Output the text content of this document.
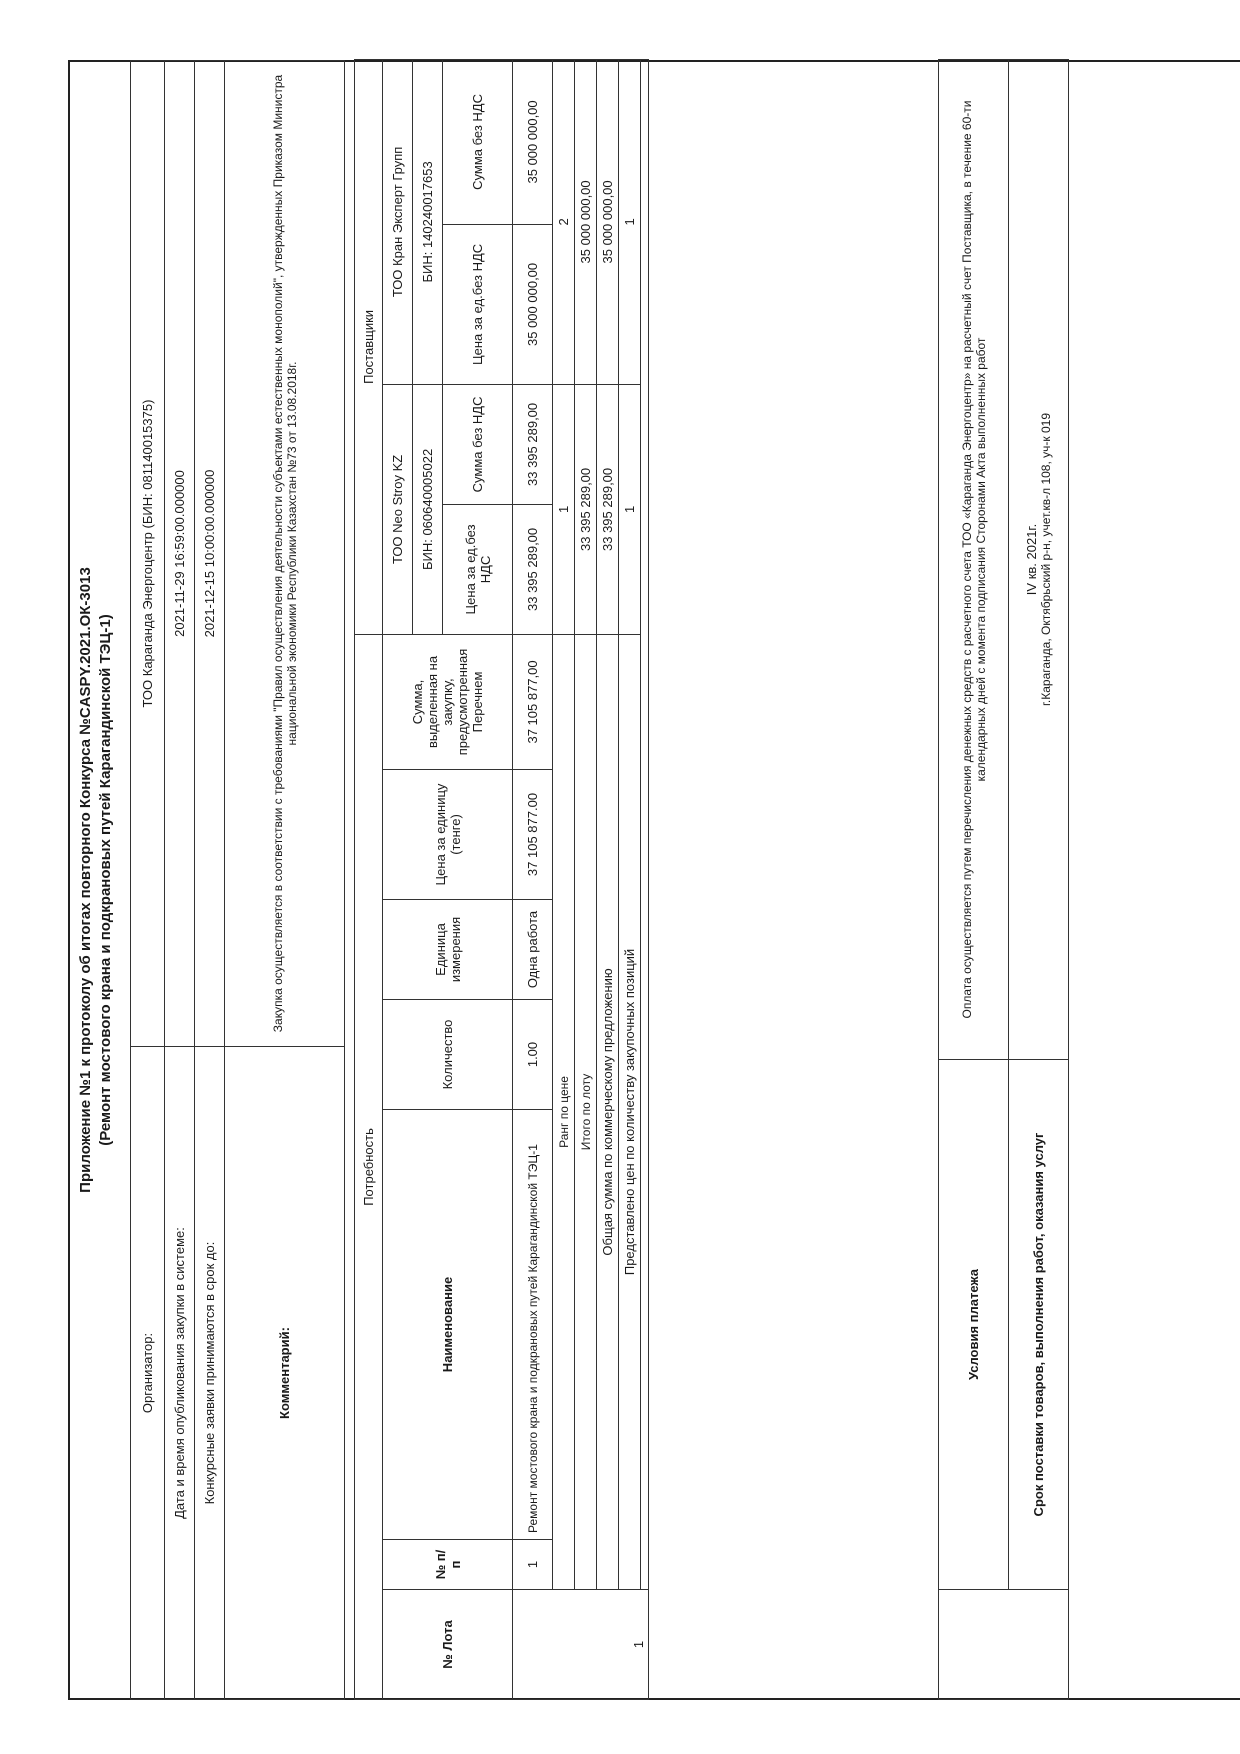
Приложение №1 к протоколу об итогах повторного Конкурса №CASPY.2021.ОК-3013 (Ремонт мостового крана и подкрановых путей Карагандинской ТЭЦ-1)
Организатор:	ТОО Караганда Энергоцентр (БИН: 081140015375)
Дата и время опубликования закупки в системе:	2021-11-29 16:59:00.000000
Конкурсные заявки принимаются в срок до:	2021-12-15 10:00:00.000000
Комментарий:	Закупка осуществляется в соответствии с требованиями "Правил осуществления деятельности субъектами естественных монополий", утвержденных Приказом Министра национальной экономики Республики Казахстан №73 от 13.08.2018г.
Потребность							Поставщики			
№ Лота	№ п/п	Наименование	Количество	Единица измерения	Цена за единицу (тенге)	Сумма, выделенная на закупку, предусмотренная Перечнем	ТОО Neo Stroy KZ		ТОО Кран Эксперт Групп	
							БИН: 060640005022		БИН: 140240017653	
							Цена за ед.без НДС	Сумма без НДС	Цена за ед.без НДС	Сумма без НДС
1	1	Ремонт мостового крана и подкрановых путей Карагандинской ТЭЦ-1	1.00	Одна работа	37 105 877.00	37 105 877,00	33 395 289,00	33 395 289,00	35 000 000,00	35 000 000,00
	Ранг по цене						1		2	
	Итого по лоту						33 395 289,00		35 000 000,00	
	Общая сумма по коммерческому предложению						33 395 289,00		35 000 000,00	
	Представлено цен по количеству закупочных позиций						1		1	

	Условия платежа	Оплата осуществляется путем перечисления денежных средств с расчетного счета ТОО «Караганда Энергоцентр» на расчетный счет Поставщика, в течение 60-ти календарных дней с момента подписания Сторонами Акта выполненных работ
	Срок поставки товаров, выполнения работ, оказания услуг	IV кв. 2021г. г.Караганда, Октябрьский р-н, учет.кв-л 108, уч-к 019
